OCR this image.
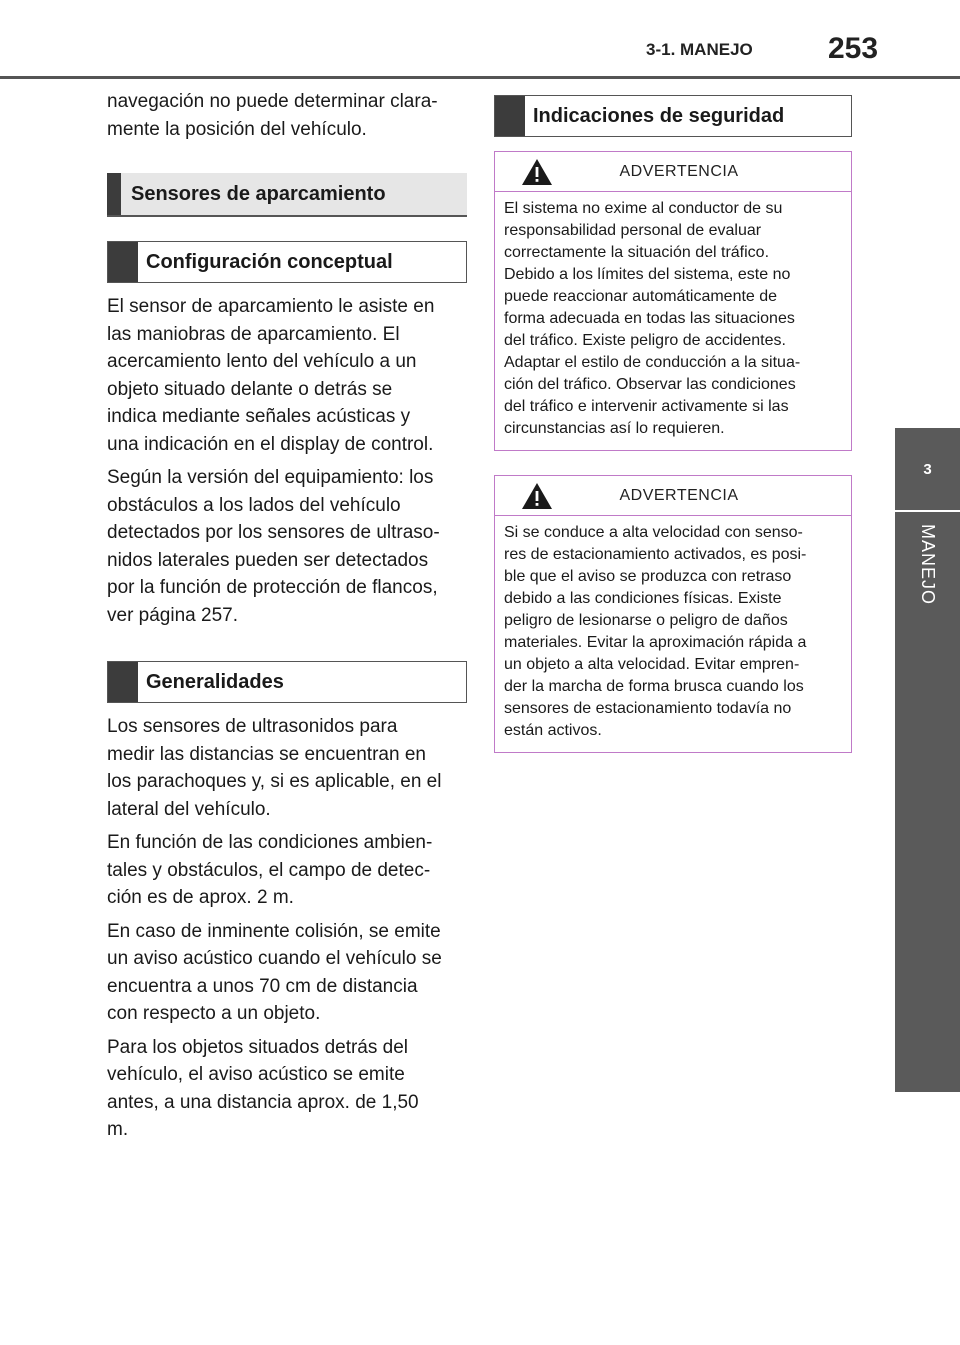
3-1. MANEJO	253
3
MANEJO

navegación no puede determinar clara-
mente la posición del vehículo.

Sensores de aparcamiento
Configuración conceptual

El sensor de aparcamiento le asiste en
las maniobras de aparcamiento. El
acercamiento lento del vehículo a un
objeto situado delante o detrás se
indica mediante señales acústicas y
una indicación en el display de control.

Según la versión del equipamiento: los
obstáculos a los lados del vehículo
detectados por los sensores de ultraso-
nidos laterales pueden ser detectados
por la función de protección de flancos,
ver página 257.

Generalidades

Los sensores de ultrasonidos para
medir las distancias se encuentran en
los parachoques y, si es aplicable, en el
lateral del vehículo.

En función de las condiciones ambien-
tales y obstáculos, el campo de detec-
ción es de aprox. 2 m.

En caso de inminente colisión, se emite
un aviso acústico cuando el vehículo se
encuentra a unos 70 cm de distancia
con respecto a un objeto.

Para los objetos situados detrás del
vehículo, el aviso acústico se emite
antes, a una distancia aprox. de 1,50
m.

Indicaciones de seguridad
ADVERTENCIA
El sistema no exime al conductor de su
responsabilidad personal de evaluar
correctamente la situación del tráfico.
Debido a los límites del sistema, este no
puede reaccionar automáticamente de
forma adecuada en todas las situaciones
del tráfico. Existe peligro de accidentes.
Adaptar el estilo de conducción a la situa-
ción del tráfico. Observar las condiciones
del tráfico e intervenir activamente si las
circunstancias así lo requieren.
ADVERTENCIA
Si se conduce a alta velocidad con senso-
res de estacionamiento activados, es posi-
ble que el aviso se produzca con retraso
debido a las condiciones físicas. Existe
peligro de lesionarse o peligro de daños
materiales. Evitar la aproximación rápida a
un objeto a alta velocidad. Evitar empren-
der la marcha de forma brusca cuando los
sensores de estacionamiento todavía no
están activos.
